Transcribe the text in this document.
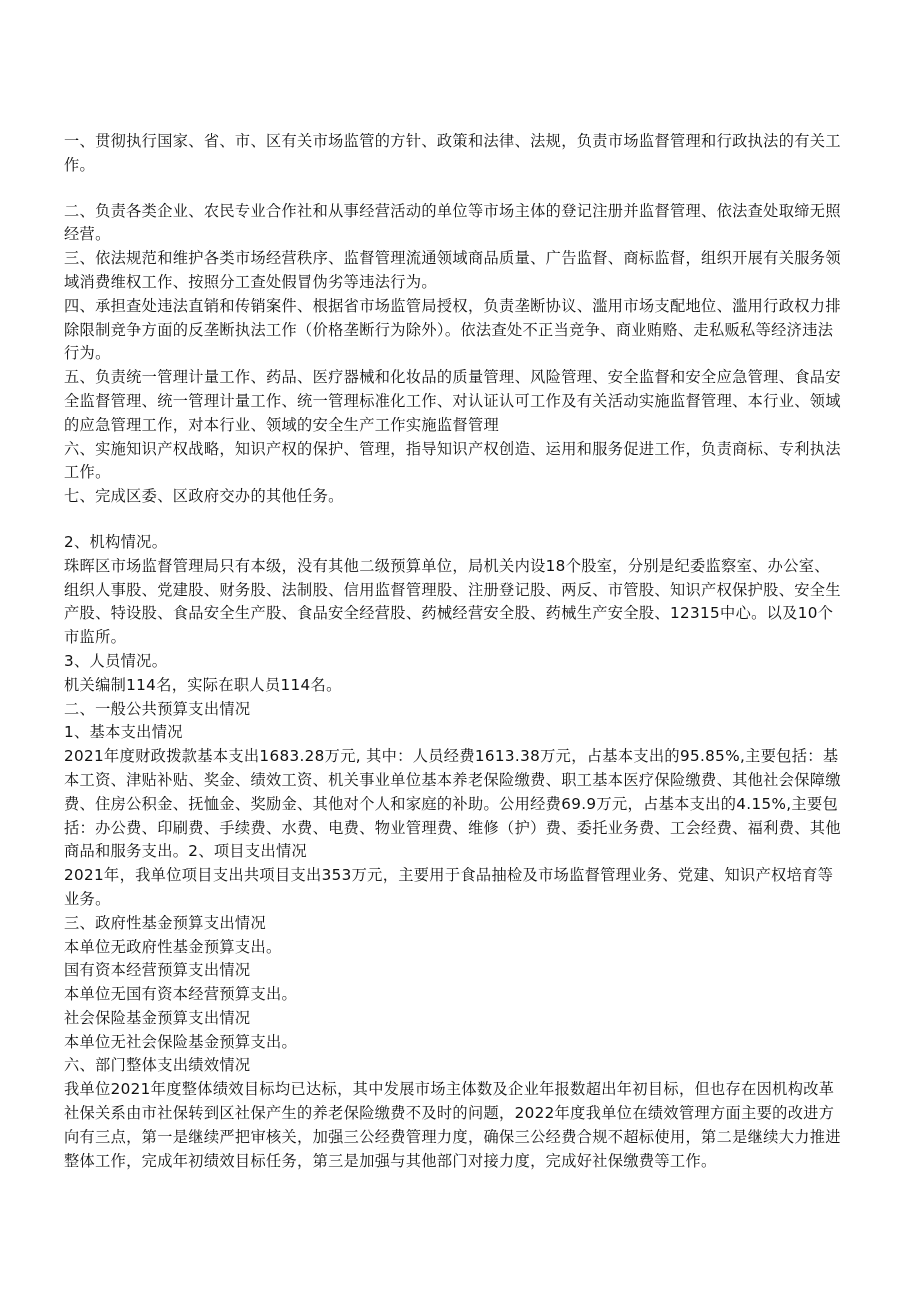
一、贯彻执行国家、省、市、区有关市场监管的方针、政策和法律、法规，负责市场监督管理和行政执法的有关工作。

二、负责各类企业、农民专业合作社和从事经营活动的单位等市场主体的登记注册并监督管理、依法查处取缔无照经营。

三、依法规范和维护各类市场经营秩序、监督管理流通领域商品质量、广告监督、商标监督，组织开展有关服务领域消费维权工作、按照分工查处假冒伪劣等违法行为。

四、承担查处违法直销和传销案件、根据省市场监管局授权，负责垄断协议、滥用市场支配地位、滥用行政权力排除限制竞争方面的反垄断执法工作（价格垄断行为除外）。依法查处不正当竞争、商业贿赂、走私贩私等经济违法行为。

五、负责统一管理计量工作、药品、医疗器械和化妆品的质量管理、风险管理、安全监督和安全应急管理、食品安全监督管理、统一管理计量工作、统一管理标准化工作、对认证认可工作及有关活动实施监督管理、本行业、领域的应急管理工作，对本行业、领域的安全生产工作实施监督管理

六、实施知识产权战略，知识产权的保护、管理，指导知识产权创造、运用和服务促进工作，负责商标、专利执法工作。

七、完成区委、区政府交办的其他任务。

2、机构情况。

珠晖区市场监督管理局只有本级，没有其他二级预算单位，局机关内设18个股室，分别是纪委监察室、办公室、组织人事股、党建股、财务股、法制股、信用监督管理股、注册登记股、两反、市管股、知识产权保护股、安全生产股、特设股、食品安全生产股、食品安全经营股、药械经营安全股、药械生产安全股、12315中心。以及10个市监所。

3、人员情况。

机关编制114名，实际在职人员114名。

二、一般公共预算支出情况

1、基本支出情况

2021年度财政拨款基本支出1683.28万元, 其中：人员经费1613.38万元，占基本支出的95.85%,主要包括：基本工资、津贴补贴、奖金、绩效工资、机关事业单位基本养老保险缴费、职工基本医疗保险缴费、其他社会保障缴费、住房公积金、抚恤金、奖励金、其他对个人和家庭的补助。公用经费69.9万元，占基本支出的4.15%,主要包括：办公费、印刷费、手续费、水费、电费、物业管理费、维修（护）费、委托业务费、工会经费、福利费、其他商品和服务支出。2、项目支出情况

2021年，我单位项目支出共项目支出353万元，主要用于食品抽检及市场监督管理业务、党建、知识产权培育等业务。

三、政府性基金预算支出情况

本单位无政府性基金预算支出。

国有资本经营预算支出情况

本单位无国有资本经营预算支出。

社会保险基金预算支出情况

本单位无社会保险基金预算支出。

六、部门整体支出绩效情况

我单位2021年度整体绩效目标均已达标，其中发展市场主体数及企业年报数超出年初目标，但也存在因机构改革社保关系由市社保转到区社保产生的养老保险缴费不及时的问题，2022年度我单位在绩效管理方面主要的改进方向有三点，第一是继续严把审核关，加强三公经费管理力度，确保三公经费合规不超标使用，第二是继续大力推进整体工作，完成年初绩效目标任务，第三是加强与其他部门对接力度，完成好社保缴费等工作。
